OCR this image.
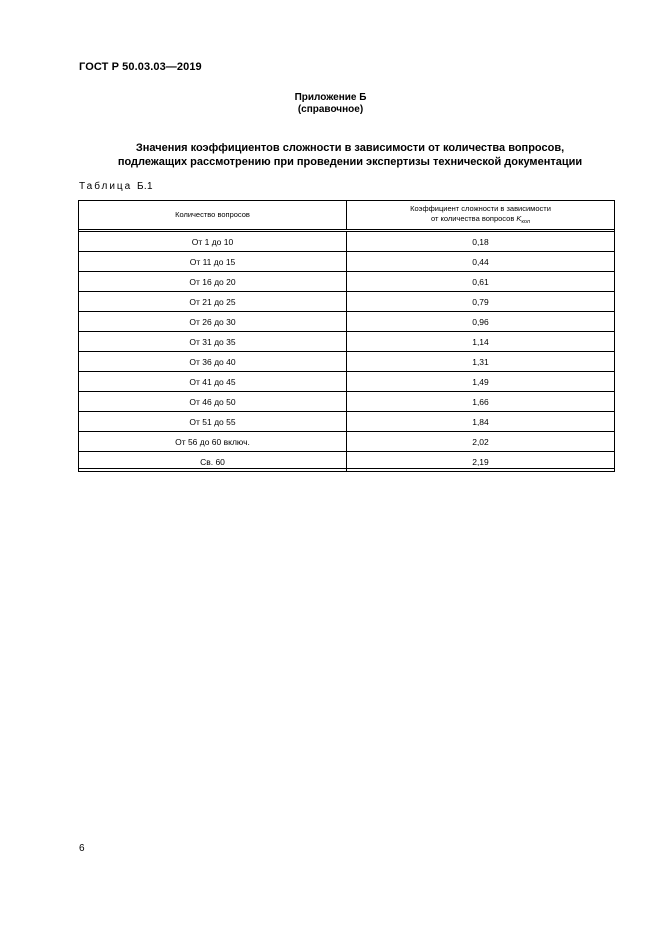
ГОСТ Р 50.03.03—2019
Приложение Б
(справочное)
Значения коэффициентов сложности в зависимости от количества вопросов,
подлежащих рассмотрению при проведении экспертизы технической документации
Таблица Б.1
Количество вопросов	Коэффициент сложности в зависимости
от количества вопросов $K_{кол}$

От 1 до 10	0,18
От 11 до 15	0,44
От 16 до 20	0,61
От 21 до 25	0,79
От 26 до 30	0,96
От 31 до 35	1,14
От 36 до 40	1,31
От 41 до 45	1,49
От 46 до 50	1,66
От 51 до 55	1,84
От 56 до 60 включ.	2,02
Св. 60	2,19
6
